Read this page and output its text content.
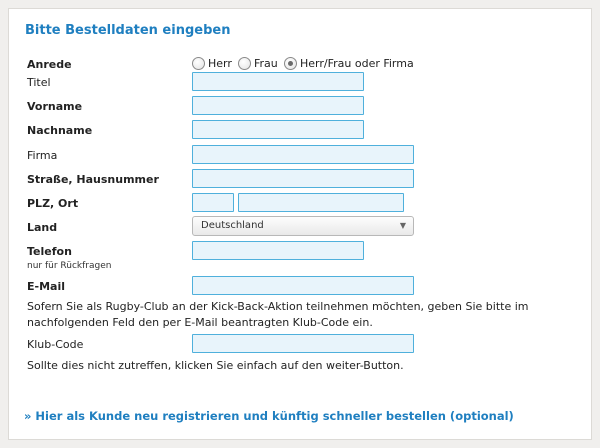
Bitte Bestelldaten eingeben
Anrede	Herr Frau Herr/Frau oder Firma
Titel
Vorname
Nachname
Firma
Straße, Hausnummer
PLZ, Ort
Land	Deutschland	▼
Telefon
nur für Rückfragen
E-Mail
Sofern Sie als Rugby-Club an der Kick-Back-Aktion teilnehmen möchten, geben Sie bitte im nachfolgenden Feld den per E-Mail beantragten Klub-Code ein.
Klub-Code
Sollte dies nicht zutreffen, klicken Sie einfach auf den weiter-Button.
» Hier als Kunde neu registrieren und künftig schneller bestellen (optional)
